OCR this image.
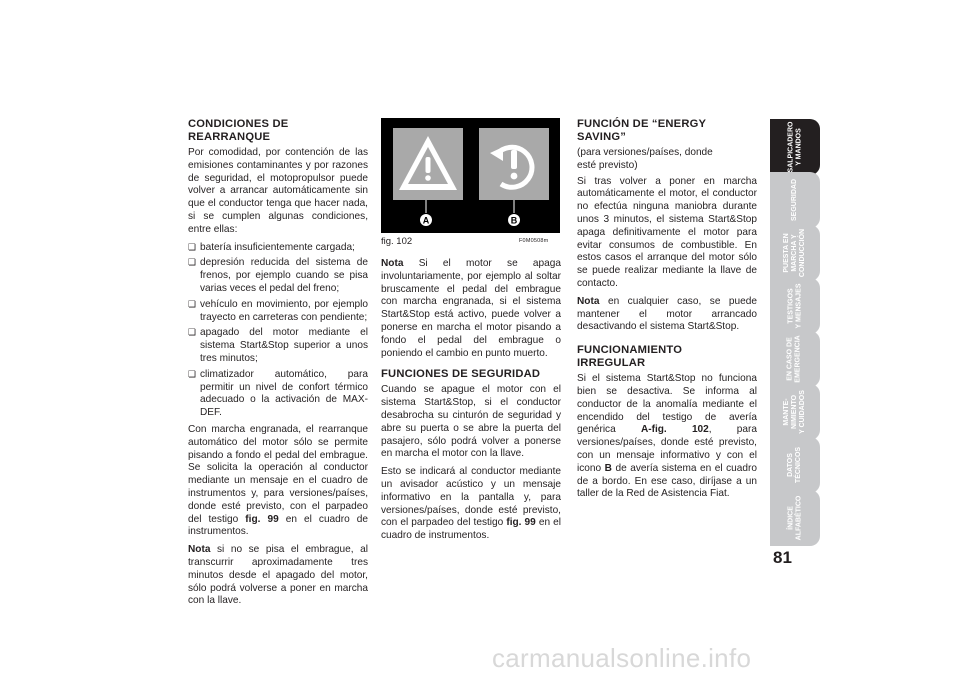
CONDICIONES DE REARRANQUE

Por comodidad, por contención de las emisiones contaminantes y por razones de seguridad, el motopropulsor puede volver a arrancar automáticamente sin que el conductor tenga que hacer nada, si se cumplen algunas condiciones, entre ellas:

❏ batería insuficientemente cargada;
❏ depresión reducida del sistema de frenos, por ejemplo cuando se pisa varias veces el pedal del freno;
❏ vehículo en movimiento, por ejemplo trayecto en carreteras con pendiente;
❏ apagado del motor mediante el sistema Start&Stop superior a unos tres minutos;
❏ climatizador automático, para permitir un nivel de confort térmico adecuado o la activación de MAX-DEF.

Con marcha engranada, el rearranque automático del motor sólo se permite pisando a fondo el pedal del embrague. Se solicita la operación al conductor mediante un mensaje en el cuadro de instrumentos y, para versiones/países, donde esté previsto, con el parpadeo del testigo fig. 99 en el cuadro de instrumentos.

Nota si no se pisa el embrague, al transcurrir aproximadamente tres minutos desde el apagado del motor, sólo podrá volverse a poner en marcha con la llave.

A	B
fig. 102	F0M0508m

Nota Si el motor se apaga involuntariamente, por ejemplo al soltar bruscamente el pedal del embrague con marcha engranada, si el sistema Start&Stop está activo, puede volver a ponerse en marcha el motor pisando a fondo el pedal del embrague o poniendo el cambio en punto muerto.

FUNCIONES DE SEGURIDAD

Cuando se apague el motor con el sistema Start&Stop, si el conductor desabrocha su cinturón de seguridad y abre su puerta o se abre la puerta del pasajero, sólo podrá volver a ponerse en marcha el motor con la llave.

Esto se indicará al conductor mediante un avisador acústico y un mensaje informativo en la pantalla y, para versiones/países, donde esté previsto, con el parpadeo del testigo fig. 99 en el cuadro de instrumentos.

FUNCIÓN DE “ENERGY SAVING”
(para versiones/países, donde esté previsto)

Si tras volver a poner en marcha automáticamente el motor, el conductor no efectúa ninguna maniobra durante unos 3 minutos, el sistema Start&Stop apaga definitivamente el motor para evitar consumos de combustible. En estos casos el arranque del motor sólo se puede realizar mediante la llave de contacto.

Nota en cualquier caso, se puede mantener el motor arrancado desactivando el sistema Start&Stop.

FUNCIONAMIENTO IRREGULAR

Si el sistema Start&Stop no funciona bien se desactiva. Se informa al conductor de la anomalía mediante el encendido del testigo de avería genérica A-fig. 102, para versiones/países, donde esté previsto, con un mensaje informativo y con el icono B de avería sistema en el cuadro de a bordo. En ese caso, diríjase a un taller de la Red de Asistencia Fiat.

SALPICADERO
Y MANDOS
SEGURIDAD
PUESTA EN
MARCHA Y
CONDUCCIÓN
TESTIGOS
Y MENSAJES
EN CASO DE
EMERGENCIA
MANTE-
NIMIENTO
Y CUIDADOS
DATOS
TÉCNICOS
ÍNDICE
ALFABÉTICO
81
carmanualsonline.info
